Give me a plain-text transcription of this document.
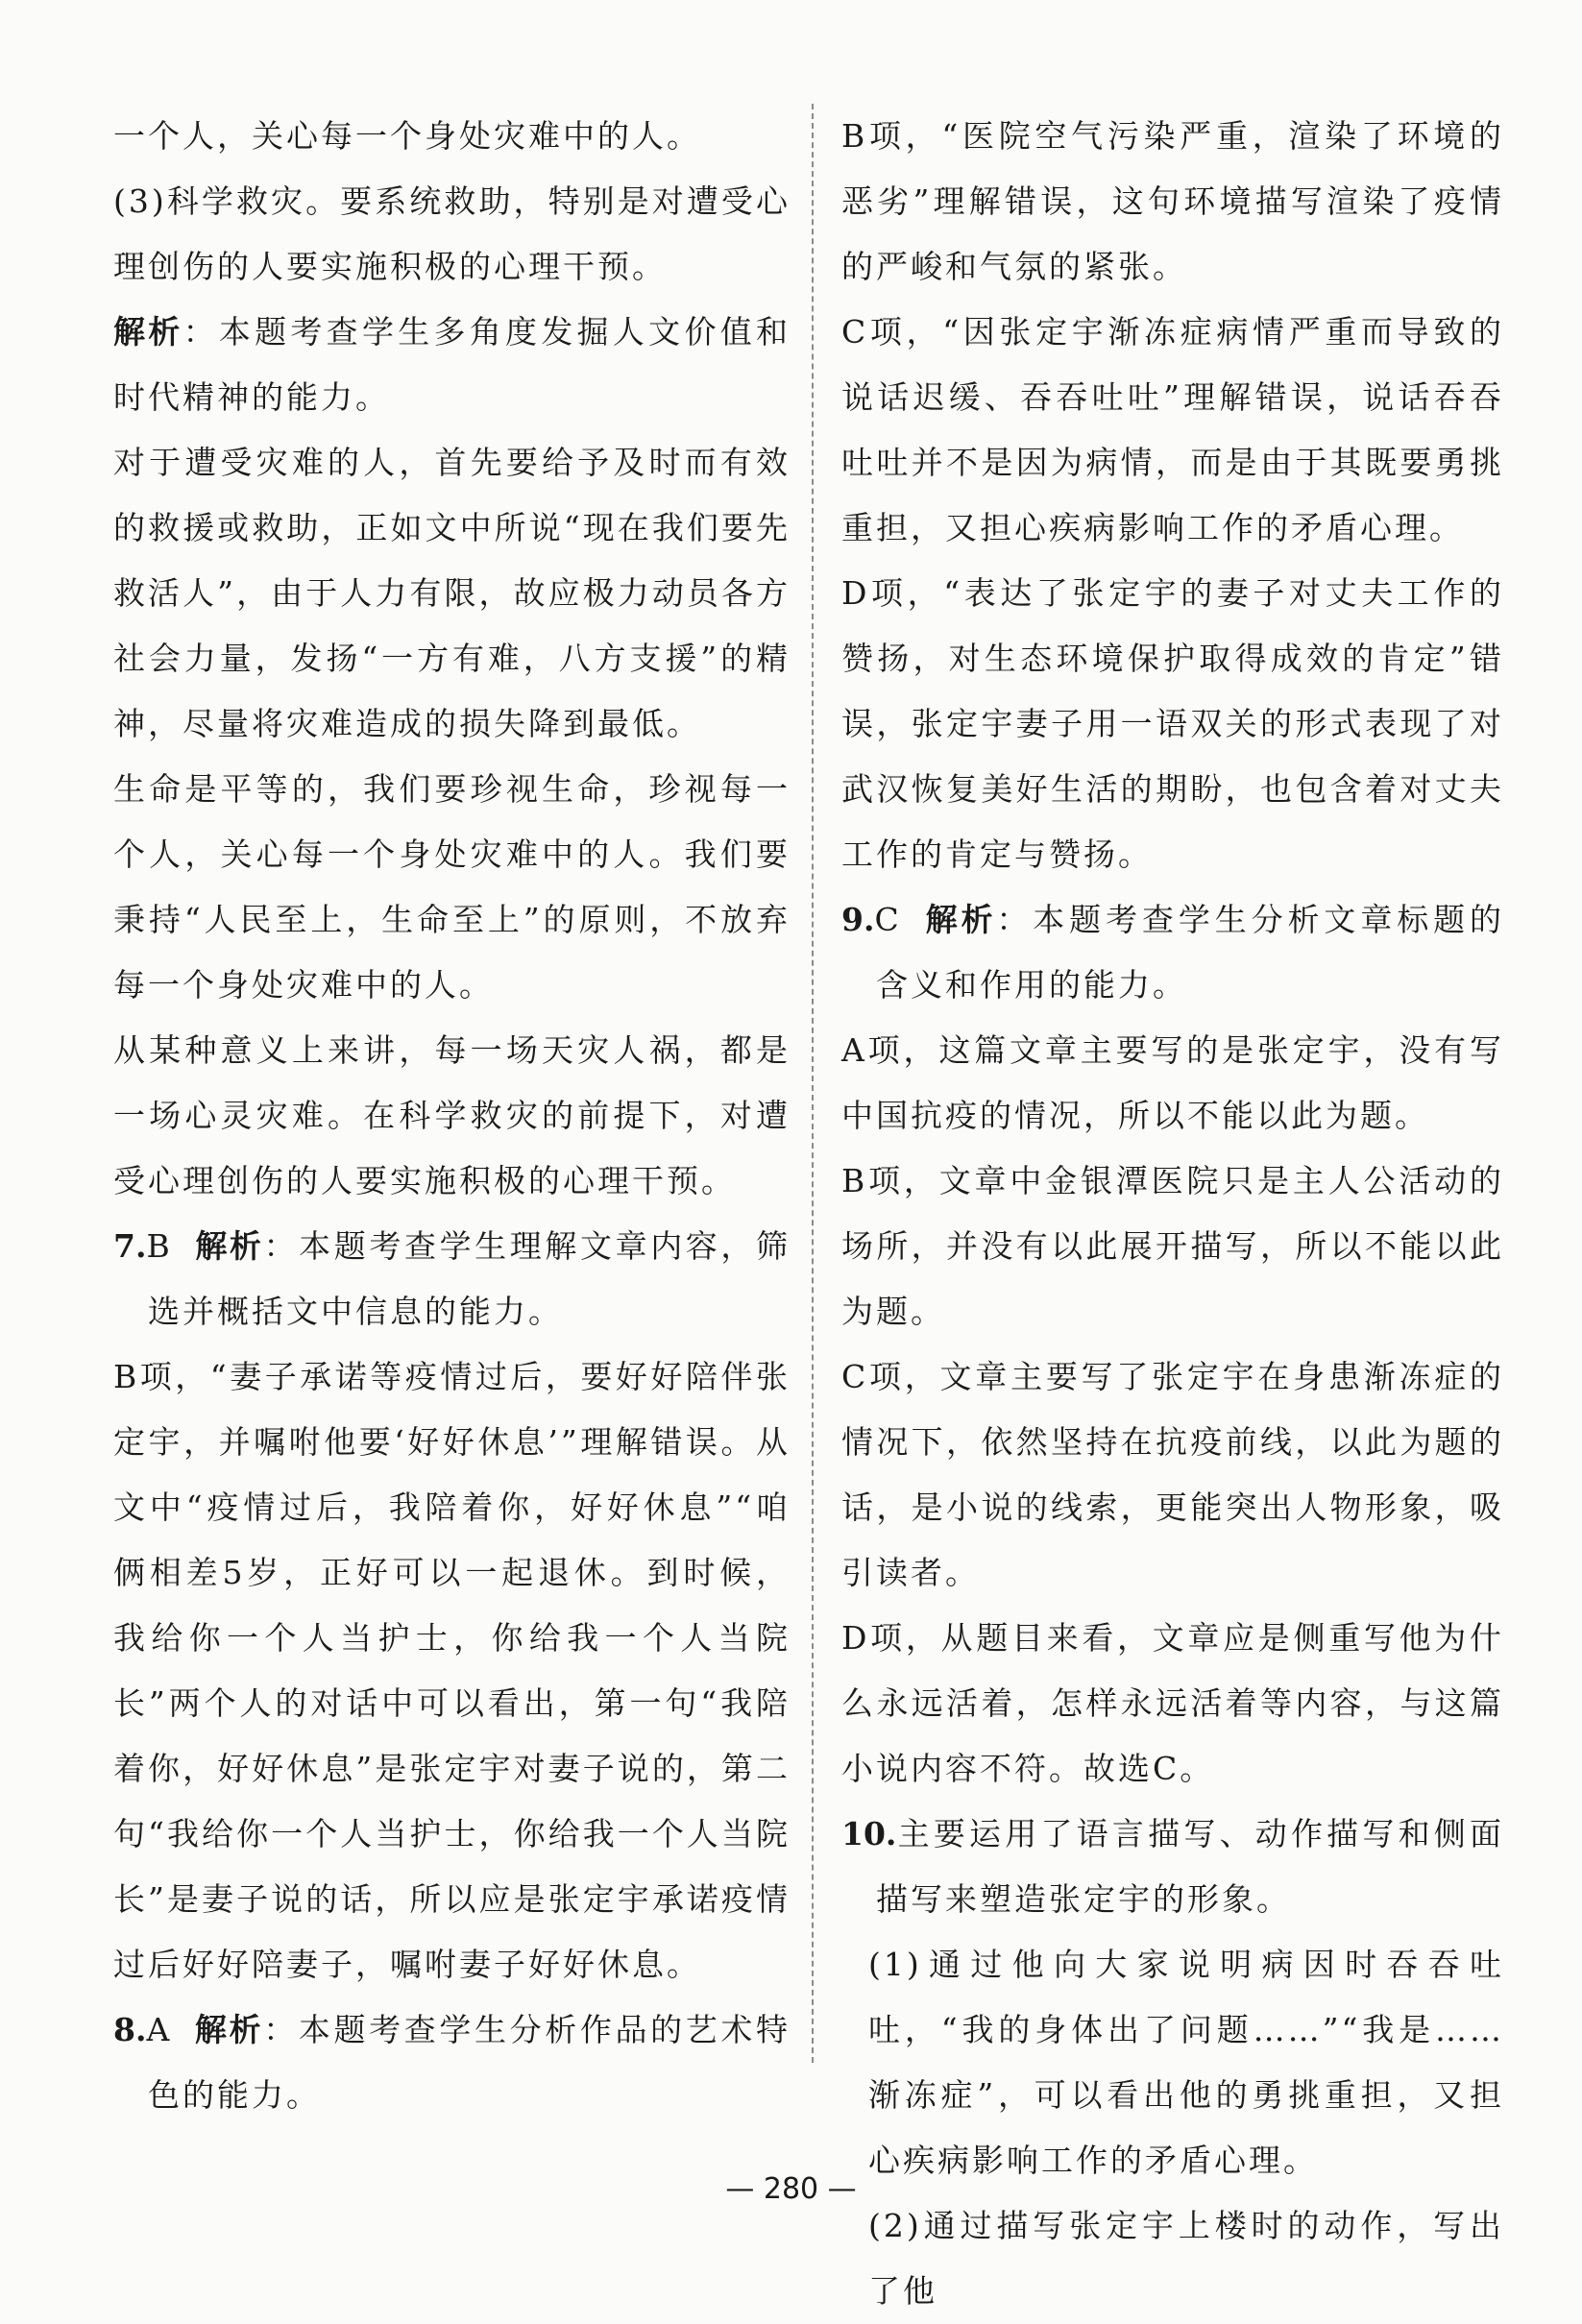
一个人，关心每一个身处灾难中的人。

(3)科学救灾。要系统救助，特别是对遭受心理创伤的人要实施积极的心理干预。

解析：本题考查学生多角度发掘人文价值和时代精神的能力。

对于遭受灾难的人，首先要给予及时而有效的救援或救助，正如文中所说“现在我们要先救活人”，由于人力有限，故应极力动员各方社会力量，发扬“一方有难，八方支援”的精神，尽量将灾难造成的损失降到最低。

生命是平等的，我们要珍视生命，珍视每一个人，关心每一个身处灾难中的人。我们要秉持“人民至上，生命至上”的原则，不放弃每一个身处灾难中的人。

从某种意义上来讲，每一场天灾人祸，都是一场心灵灾难。在科学救灾的前提下，对遭受心理创伤的人要实施积极的心理干预。

7.B 解析：本题考查学生理解文章内容，筛选并概括文中信息的能力。

B项，“妻子承诺等疫情过后，要好好陪伴张定宇，并嘱咐他要‘好好休息’”理解错误。从文中“疫情过后，我陪着你，好好休息”“咱俩相差5岁，正好可以一起退休。到时候，我给你一个人当护士，你给我一个人当院长”两个人的对话中可以看出，第一句“我陪着你，好好休息”是张定宇对妻子说的，第二句“我给你一个人当护士，你给我一个人当院长”是妻子说的话，所以应是张定宇承诺疫情过后好好陪妻子，嘱咐妻子好好休息。

8.A 解析：本题考查学生分析作品的艺术特色的能力。

B项，“医院空气污染严重，渲染了环境的恶劣”理解错误，这句环境描写渲染了疫情的严峻和气氛的紧张。

C项，“因张定宇渐冻症病情严重而导致的说话迟缓、吞吞吐吐”理解错误，说话吞吞吐吐并不是因为病情，而是由于其既要勇挑重担，又担心疾病影响工作的矛盾心理。

D项，“表达了张定宇的妻子对丈夫工作的赞扬，对生态环境保护取得成效的肯定”错误，张定宇妻子用一语双关的形式表现了对武汉恢复美好生活的期盼，也包含着对丈夫工作的肯定与赞扬。

9.C 解析：本题考查学生分析文章标题的含义和作用的能力。

A项，这篇文章主要写的是张定宇，没有写中国抗疫的情况，所以不能以此为题。

B项，文章中金银潭医院只是主人公活动的场所，并没有以此展开描写，所以不能以此为题。

C项，文章主要写了张定宇在身患渐冻症的情况下，依然坚持在抗疫前线，以此为题的话，是小说的线索，更能突出人物形象，吸引读者。

D项，从题目来看，文章应是侧重写他为什么永远活着，怎样永远活着等内容，与这篇小说内容不符。故选C。

10.主要运用了语言描写、动作描写和侧面描写来塑造张定宇的形象。

(1)通过他向大家说明病因时吞吞吐吐，“我的身体出了问题……”“我是……渐冻症”，可以看出他的勇挑重担，又担心疾病影响工作的矛盾心理。

(2)通过描写张定宇上楼时的动作，写出了他

— 280 —
